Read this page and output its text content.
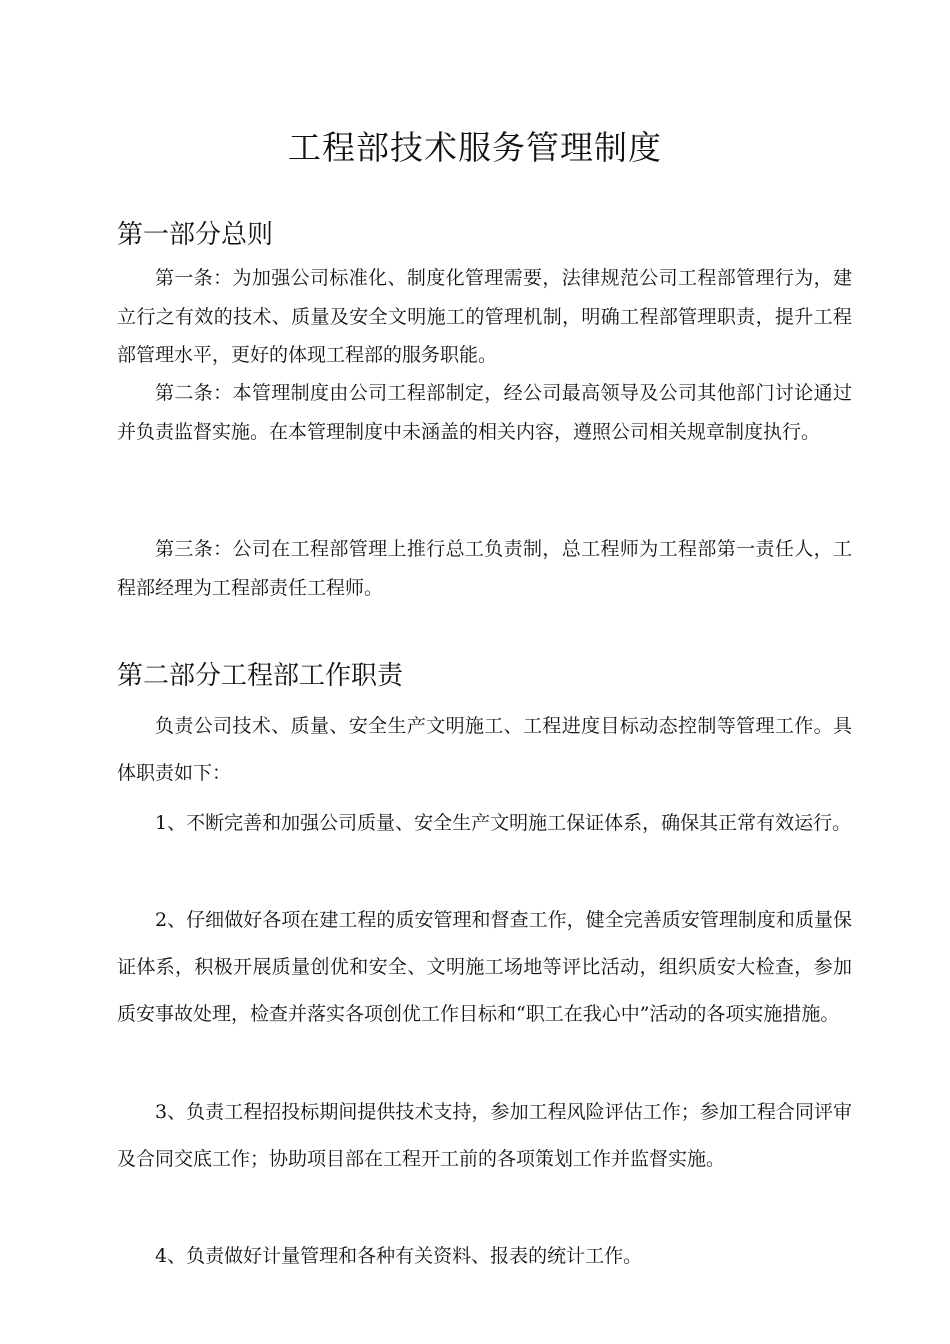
工程部技术服务管理制度
第一部分总则

第一条：为加强公司标准化、制度化管理需要，法律规范公司工程部管理行为，建立行之有效的技术、质量及安全文明施工的管理机制，明确工程部管理职责，提升工程部管理水平，更好的体现工程部的服务职能。

第二条：本管理制度由公司工程部制定，经公司最高领导及公司其他部门讨论通过并负责监督实施。在本管理制度中未涵盖的相关内容，遵照公司相关规章制度执行。

第三条：公司在工程部管理上推行总工负责制，总工程师为工程部第一责任人，工程部经理为工程部责任工程师。

第二部分工程部工作职责

负责公司技术、质量、安全生产文明施工、工程进度目标动态控制等管理工作。具体职责如下：

1、不断完善和加强公司质量、安全生产文明施工保证体系，确保其正常有效运行。

2、仔细做好各项在建工程的质安管理和督查工作，健全完善质安管理制度和质量保证体系，积极开展质量创优和安全、文明施工场地等评比活动，组织质安大检查，参加质安事故处理，检查并落实各项创优工作目标和“职工在我心中”活动的各项实施措施。

3、负责工程招投标期间提供技术支持，参加工程风险评估工作；参加工程合同评审及合同交底工作；协助项目部在工程开工前的各项策划工作并监督实施。

4、负责做好计量管理和各种有关资料、报表的统计工作。
